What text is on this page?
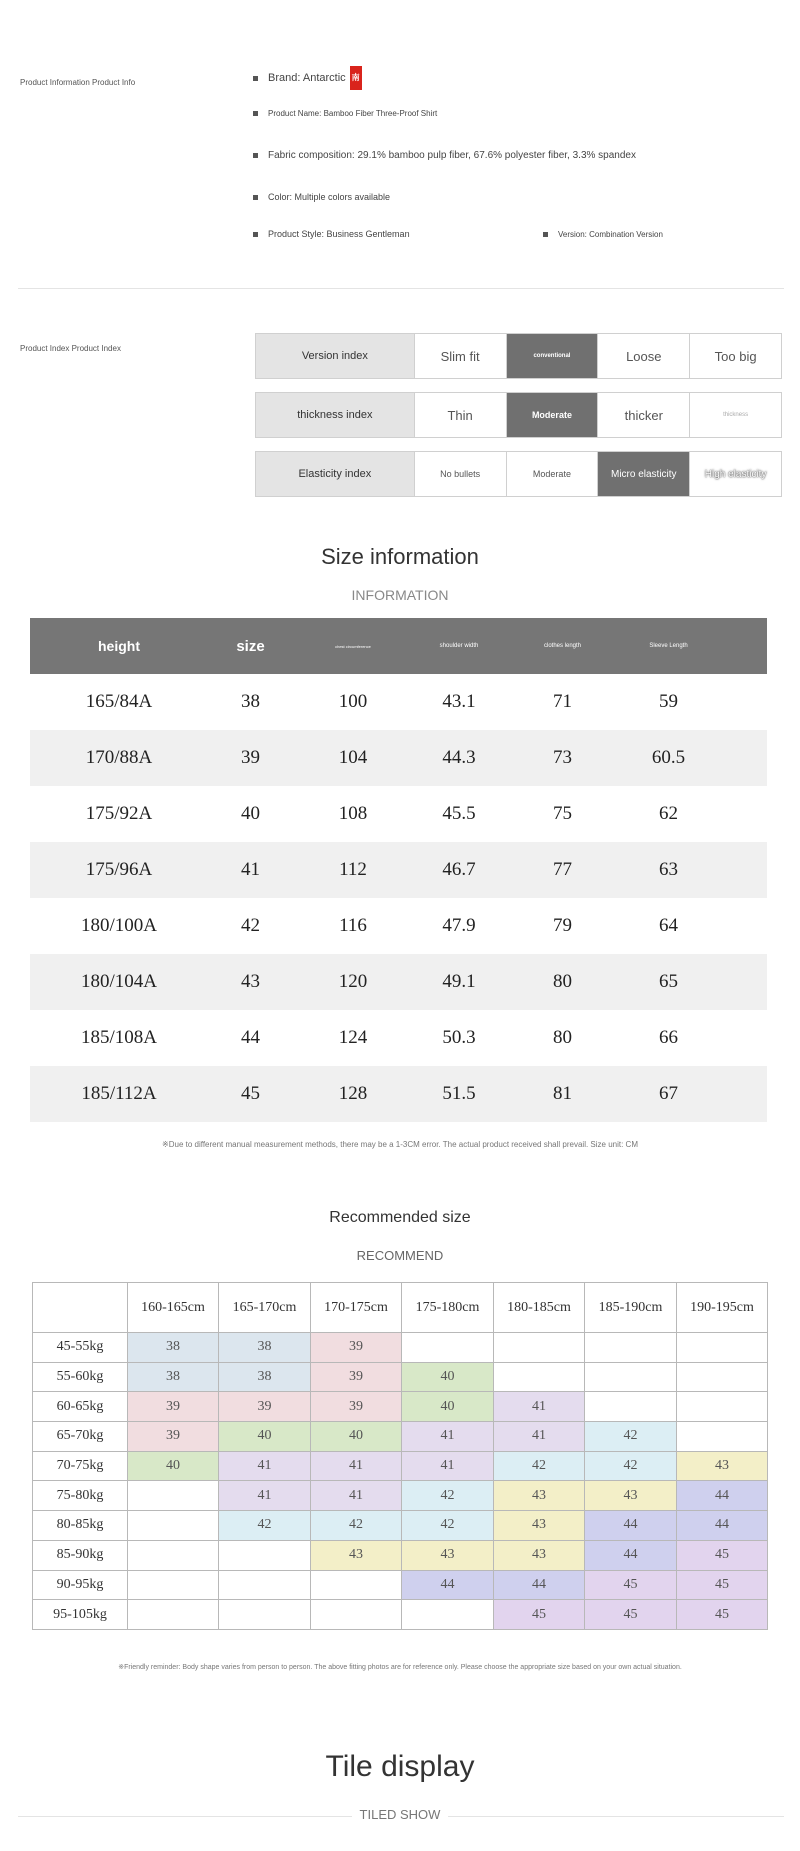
Product Information Product Info	Brand: Antarctic 南
Product Name: Bamboo Fiber Three-Proof Shirt
Fabric composition: 29.1% bamboo pulp fiber, 67.6% polyester fiber, 3.3% spandex
Color: Multiple colors available
Product Style: Business Gentleman	Version: Combination Version
Product Index Product Index
Version index	Slim fit	conventional	Loose	Too big
thickness index	Thin	Moderate	thicker	thickness
Elasticity index	No bullets	Moderate	Micro elasticity	High elasticity
Size information
INFORMATION
height	size	chest circumference	shoulder width	clothes length	Sleeve Length
165/84A	38	100	43.1	71	59
170/88A	39	104	44.3	73	60.5
175/92A	40	108	45.5	75	62
175/96A	41	112	46.7	77	63
180/100A	42	116	47.9	79	64
180/104A	43	120	49.1	80	65
185/108A	44	124	50.3	80	66
185/112A	45	128	51.5	81	67
※Due to different manual measurement methods, there may be a 1-3CM error. The actual product received shall prevail. Size unit: CM
Recommended size
RECOMMEND
	160-165cm	165-170cm	170-175cm	175-180cm	180-185cm	185-190cm	190-195cm
45-55kg	38	38	39				
55-60kg	38	38	39	40			
60-65kg	39	39	39	40	41		
65-70kg	39	40	40	41	41	42	
70-75kg	40	41	41	41	42	42	43
75-80kg		41	41	42	43	43	44
80-85kg		42	42	42	43	44	44
85-90kg			43	43	43	44	45
90-95kg				44	44	45	45
95-105kg					45	45	45
※Friendly reminder: Body shape varies from person to person. The above fitting photos are for reference only. Please choose the appropriate size based on your own actual situation.
Tile display
TILED SHOW
